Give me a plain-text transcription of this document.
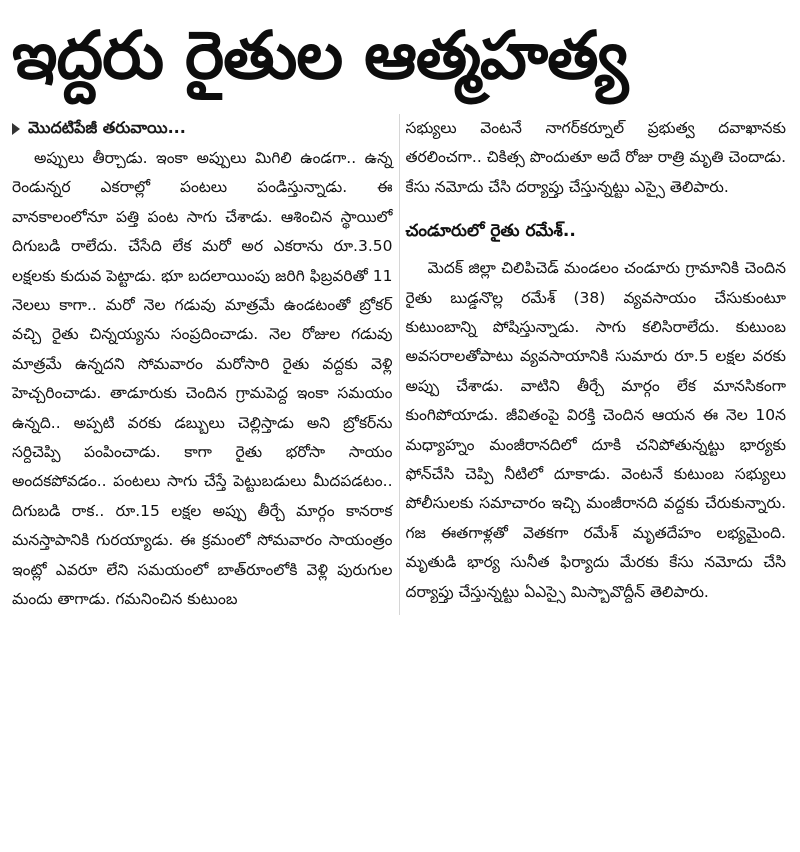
ఇద్దరు రైతుల ఆత్మహత్య
మొదటిపేజీ తరువాయి...

అప్పులు తీర్చాడు. ఇంకా అప్పులు మిగిలి ఉండగా.. ఉన్న రెండున్నర ఎకరాల్లో పంటలు పండిస్తున్నాడు. ఈ వానకాలంలోనూ పత్తి పంట సాగు చేశాడు. ఆశించిన స్థాయిలో దిగుబడి రాలేదు. చేసేది లేక మరో అర ఎకరాను రూ.3.50 లక్షలకు కుదువ పెట్టాడు. భూ బదలాయింపు జరిగి ఫిబ్రవరితో 11 నెలలు కాగా.. మరో నెల గడువు మాత్రమే ఉండటంతో బ్రోకర్ వచ్చి రైతు చిన్నయ్యను సంప్రదించాడు. నెల రోజుల గడువు మాత్రమే ఉన్నదని సోమవారం మరోసారి రైతు వద్దకు వెళ్లి హెచ్చరించాడు. తాడూరుకు చెందిన గ్రామపెద్ద ఇంకా సమయం ఉన్నది.. అప్పటి వరకు డబ్బులు చెల్లిస్తాడు అని బ్రోకర్‌ను సర్దిచెప్పి పంపించాడు. కాగా రైతు భరోసా సాయం అందకపోవడం.. పంటలు సాగు చేస్తే పెట్టుబడులు మీదపడటం.. దిగుబడి రాక.. రూ.15 లక్షల అప్పు తీర్చే మార్గం కానరాక మనస్తాపానికి గురయ్యాడు. ఈ క్రమంలో సోమవారం సాయంత్రం ఇంట్లో ఎవరూ లేని సమయంలో బాత్‌రూంలోకి వెళ్లి పురుగుల మందు తాగాడు. గమనించిన కుటుంబ

సభ్యులు వెంటనే నాగర్‌కర్నూల్ ప్రభుత్వ దవాఖానకు తరలించగా.. చికిత్స పొందుతూ అదే రోజు రాత్రి మృతి చెందాడు. కేసు నమోదు చేసి దర్యాప్తు చేస్తున్నట్టు ఎస్సై తెలిపారు.

చండూరులో రైతు రమేశ్..

మెదక్ జిల్లా చిలిపిచెడ్ మండలం చండూరు గ్రామానికి చెందిన రైతు బుడ్డనొల్ల రమేశ్ (38) వ్యవసాయం చేసుకుంటూ కుటుంబాన్ని పోషిస్తున్నాడు. సాగు కలిసిరాలేదు. కుటుంబ అవసరాలతోపాటు వ్యవసాయానికి సుమారు రూ.5 లక్షల వరకు అప్పు చేశాడు. వాటిని తీర్చే మార్గం లేక మానసికంగా కుంగిపోయాడు. జీవితంపై విరక్తి చెందిన ఆయన ఈ నెల 10న మధ్యాహ్నం మంజీరానదిలో దూకి చనిపోతున్నట్టు భార్యకు ఫోన్‌చేసి చెప్పి నీటిలో దూకాడు. వెంటనే కుటుంబ సభ్యులు పోలీసులకు సమాచారం ఇచ్చి మంజీరానది వద్దకు చేరుకున్నారు. గజ ఈతగాళ్లతో వెతకగా రమేశ్ మృతదేహం లభ్యమైంది. మృతుడి భార్య సునీత ఫిర్యాదు మేరకు కేసు నమోదు చేసి దర్యాప్తు చేస్తున్నట్టు ఏఎస్సై మిస్బావొద్దీన్ తెలిపారు.
